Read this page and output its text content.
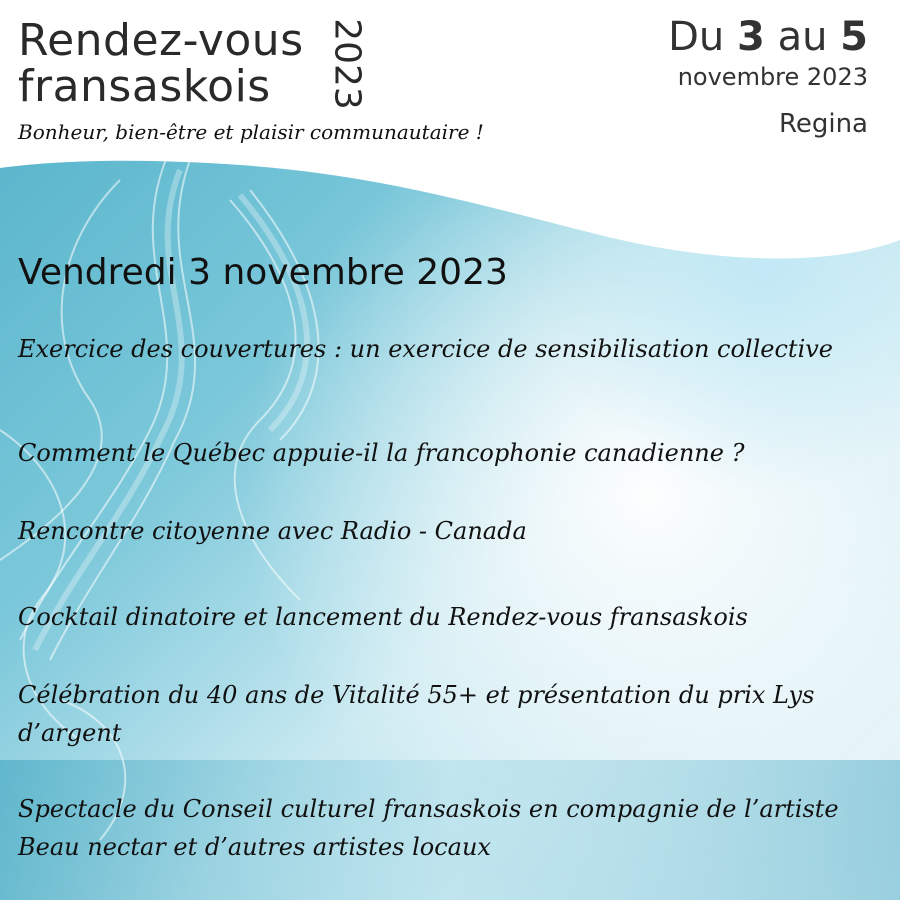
Rendez-vous
fransaskois	2023
Bonheur, bien-être et plaisir communautaire !
Du 3 au 5
novembre 2023
Regina
Vendredi 3 novembre 2023
Exercice des couvertures : un exercice de sensibilisation collective
Comment le Québec appuie-il la francophonie canadienne ?
Rencontre citoyenne avec Radio - Canada
Cocktail dinatoire et lancement du Rendez-vous fransaskois
Célébration du 40 ans de Vitalité 55+ et présentation du prix Lys d’argent
Spectacle du Conseil culturel fransaskois en compagnie de l’artiste Beau nectar et d’autres artistes locaux
